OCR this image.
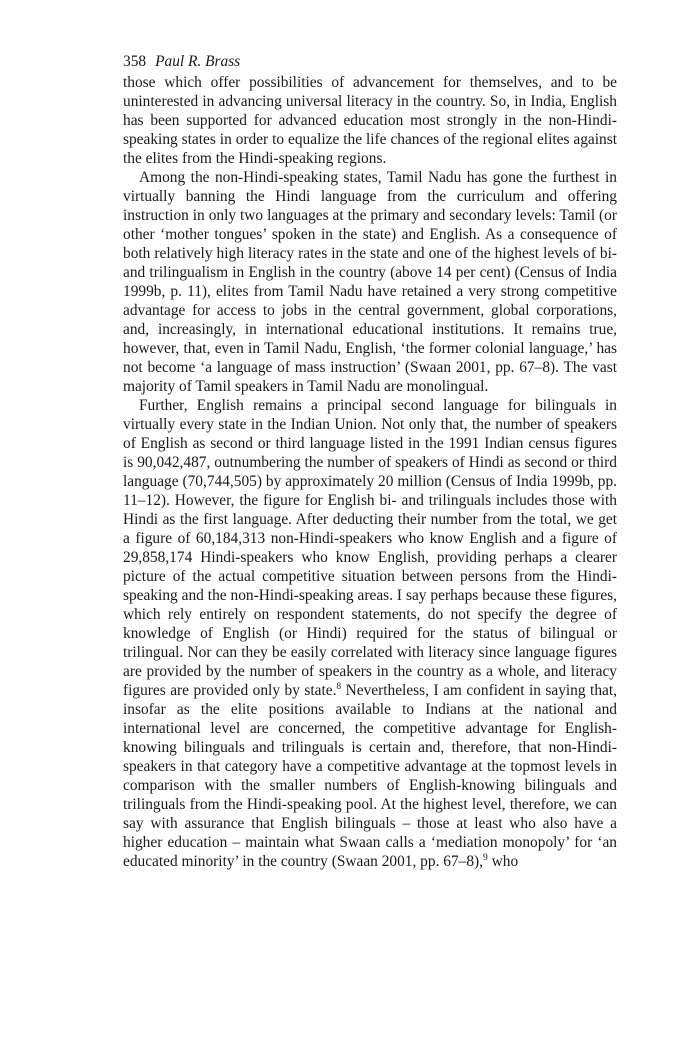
358 Paul R. Brass

those which offer possibilities of advancement for themselves, and to be uninterested in advancing universal literacy in the country. So, in India, English has been supported for advanced education most strongly in the non-Hindi-speaking states in order to equalize the life chances of the regional elites against the elites from the Hindi-speaking regions.

Among the non-Hindi-speaking states, Tamil Nadu has gone the furthest in virtually banning the Hindi language from the curriculum and offering instruction in only two languages at the primary and secondary levels: Tamil (or other ‘mother tongues’ spoken in the state) and English. As a consequence of both relatively high literacy rates in the state and one of the highest levels of bi- and trilingualism in English in the country (above 14 per cent) (Census of India 1999b, p. 11), elites from Tamil Nadu have retained a very strong competitive advantage for access to jobs in the central government, global corporations, and, increasingly, in international educational institutions. It remains true, however, that, even in Tamil Nadu, English, ‘the former colonial language,’ has not become ‘a language of mass instruction’ (Swaan 2001, pp. 67–8). The vast majority of Tamil speakers in Tamil Nadu are monolingual.

Further, English remains a principal second language for bilinguals in virtually every state in the Indian Union. Not only that, the number of speakers of English as second or third language listed in the 1991 Indian census figures is 90,042,487, outnumbering the number of speakers of Hindi as second or third language (70,744,505) by approximately 20 million (Census of India 1999b, pp. 11–12). However, the figure for English bi- and trilinguals includes those with Hindi as the first language. After deducting their number from the total, we get a figure of 60,184,313 non-Hindi-speakers who know English and a figure of 29,858,174 Hindi-speakers who know English, providing perhaps a clearer picture of the actual competitive situation between persons from the Hindi-speaking and the non-Hindi-speaking areas. I say perhaps because these figures, which rely entirely on respondent statements, do not specify the degree of knowledge of English (or Hindi) required for the status of bilingual or trilingual. Nor can they be easily correlated with literacy since language figures are provided by the number of speakers in the country as a whole, and literacy figures are provided only by state.$^8$ Nevertheless, I am confident in saying that, insofar as the elite positions available to Indians at the national and international level are concerned, the competitive advantage for English-knowing bilinguals and trilinguals is certain and, therefore, that non-Hindi-speakers in that category have a competitive advantage at the topmost levels in comparison with the smaller numbers of English-knowing bilinguals and trilinguals from the Hindi-speaking pool. At the highest level, therefore, we can say with assurance that English bilinguals – those at least who also have a higher education – maintain what Swaan calls a ‘mediation monopoly’ for ‘an educated minority’ in the country (Swaan 2001, pp. 67–8),$^9$ who
